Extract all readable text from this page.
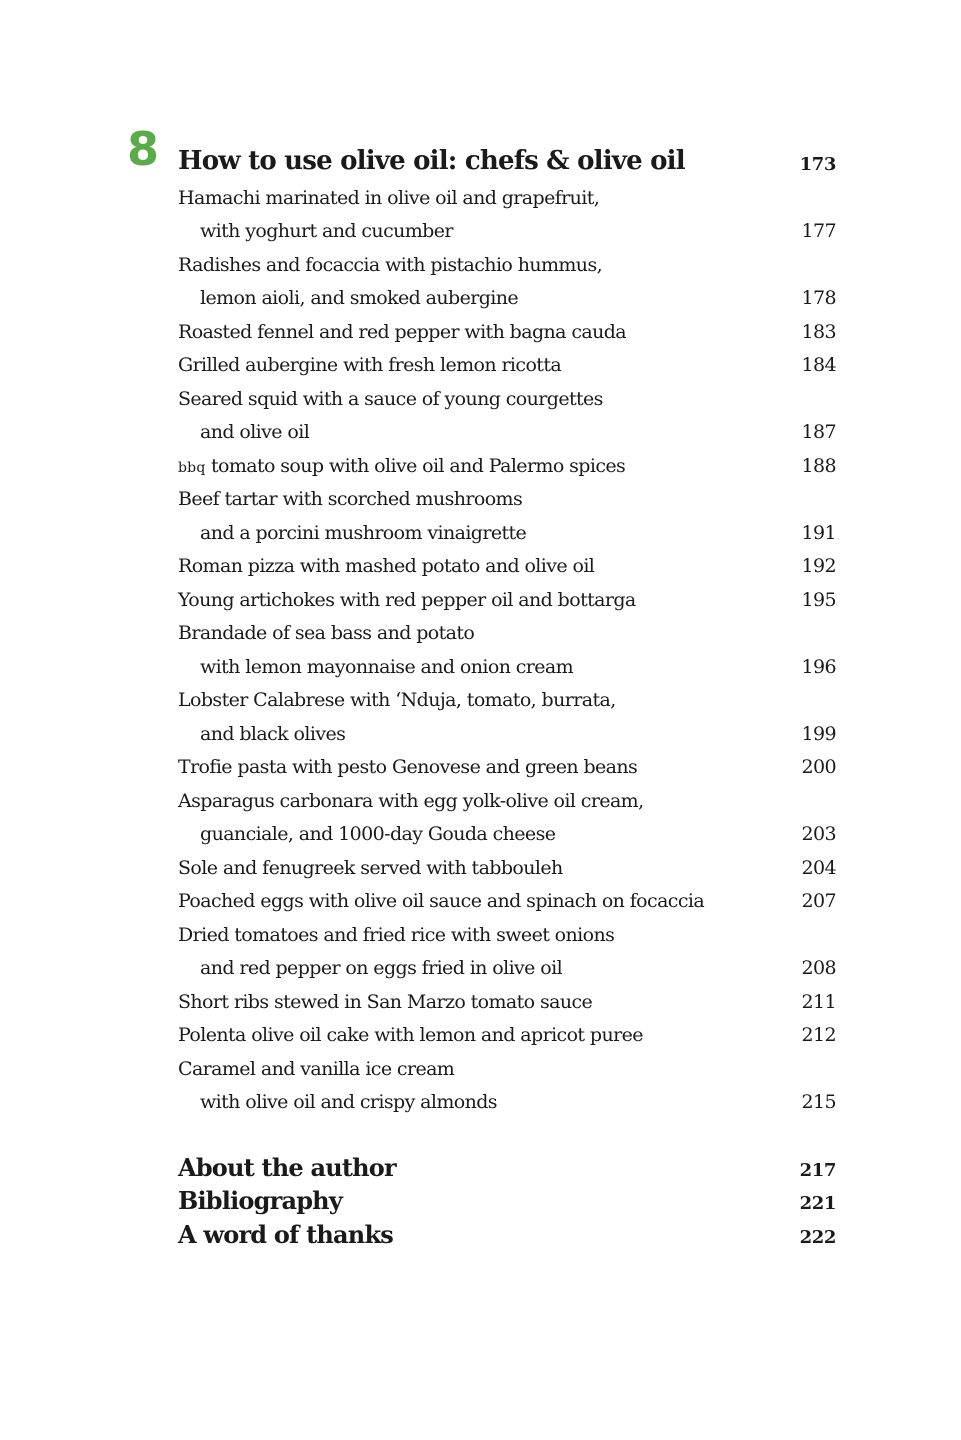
8 How to use olive oil: chefs & olive oil	173
Hamachi marinated in olive oil and grapefruit,
with yoghurt and cucumber	177
Radishes and focaccia with pistachio hummus,
lemon aioli, and smoked aubergine	178
Roasted fennel and red pepper with bagna cauda	183
Grilled aubergine with fresh lemon ricotta	184
Seared squid with a sauce of young courgettes
and olive oil	187
bbq tomato soup with olive oil and Palermo spices	188
Beef tartar with scorched mushrooms
and a porcini mushroom vinaigrette	191
Roman pizza with mashed potato and olive oil	192
Young artichokes with red pepper oil and bottarga	195
Brandade of sea bass and potato
with lemon mayonnaise and onion cream	196
Lobster Calabrese with ‘Nduja, tomato, burrata,
and black olives	199
Trofie pasta with pesto Genovese and green beans	200
Asparagus carbonara with egg yolk-olive oil cream,
guanciale, and 1000-day Gouda cheese	203
Sole and fenugreek served with tabbouleh	204
Poached eggs with olive oil sauce and spinach on focaccia	207
Dried tomatoes and fried rice with sweet onions
and red pepper on eggs fried in olive oil	208
Short ribs stewed in San Marzo tomato sauce	211
Polenta olive oil cake with lemon and apricot puree	212
Caramel and vanilla ice cream
with olive oil and crispy almonds	215
About the author	217
Bibliography	221
A word of thanks	222
